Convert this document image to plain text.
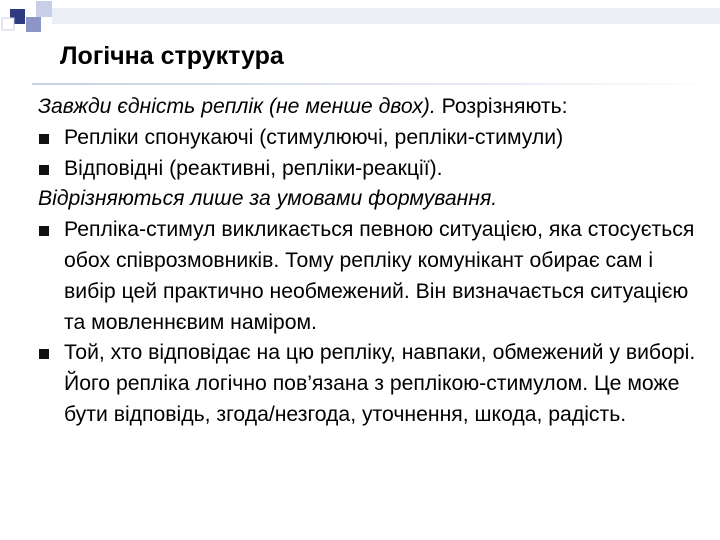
Логічна структура

Завжди єдність реплік (не менше двох). Розрізняють:

Репліки спонукаючі (стимулюючі, репліки-стимули)

Відповідні (реактивні, репліки-реакції).

Відрізняються лише за умовами формування.

Репліка-стимул викликається певною ситуацією, яка стосується обох співрозмовників. Тому репліку комунікант обирає сам і вибір цей практично необмежений. Він визначається ситуацією та мовленнєвим наміром.

Той, хто відповідає на цю репліку, навпаки, обмежений у виборі. Його репліка логічно пов’язана з реплікою-стимулом. Це може бути відповідь, згода/незгода, уточнення, шкода, радість.
